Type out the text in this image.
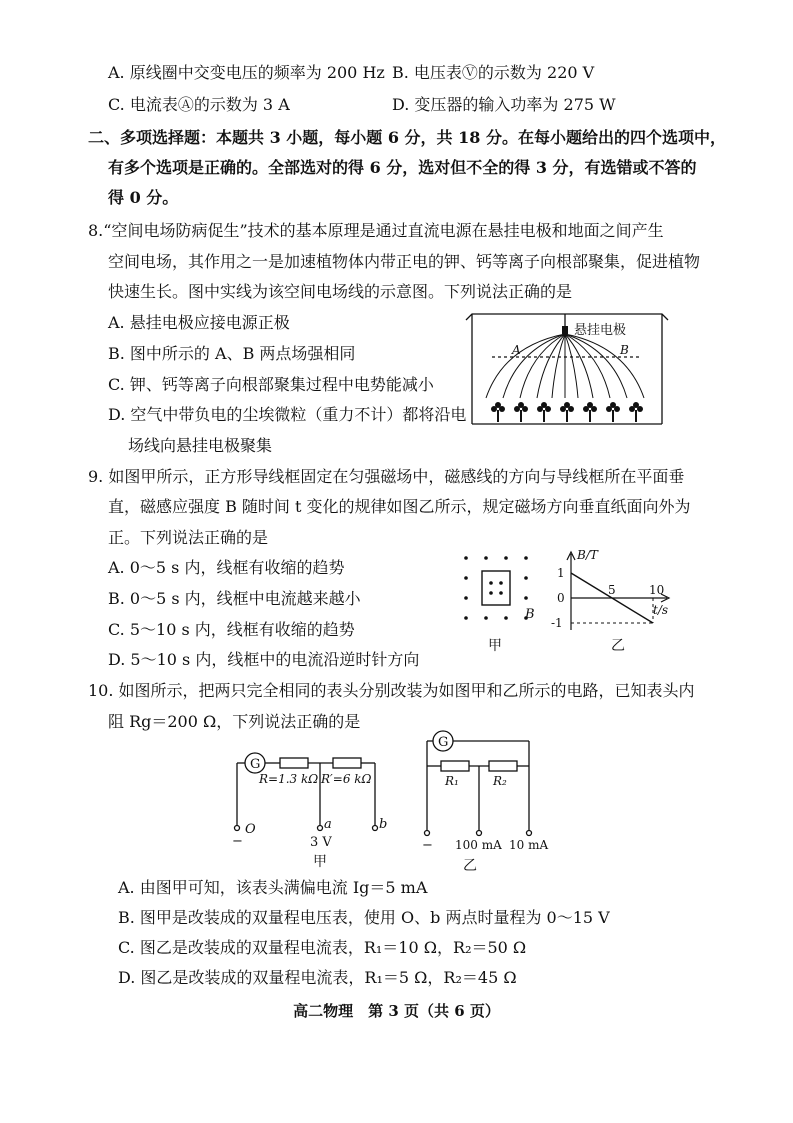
A. 原线圈中交变电压的频率为 200 Hz B. 电压表Ⓥ的示数为 220 V
C. 电流表Ⓐ的示数为 3 A	D. 变压器的输入功率为 275 W
二、多项选择题：本题共 3 小题，每小题 6 分，共 18 分。在每小题给出的四个选项中，
有多个选项是正确的。全部选对的得 6 分，选对但不全的得 3 分，有选错或不答的
得 0 分。
8.“空间电场防病促生”技术的基本原理是通过直流电源在悬挂电极和地面之间产生
空间电场，其作用之一是加速植物体内带正电的钾、钙等离子向根部聚集，促进植物
快速生长。图中实线为该空间电场线的示意图。下列说法正确的是
A. 悬挂电极应接电源正极
B. 图中所示的 A、B 两点场强相同
C. 钾、钙等离子向根部聚集过程中电势能减小
D. 空气中带负电的尘埃微粒（重力不计）都将沿电
场线向悬挂电极聚集
悬挂电极
A	B
9. 如图甲所示，正方形导线框固定在匀强磁场中，磁感线的方向与导线框所在平面垂
直，磁感应强度 B 随时间 t 变化的规律如图乙所示，规定磁场方向垂直纸面向外为
正。下列说法正确的是
A. 0～5 s 内，线框有收缩的趋势
B. 0～5 s 内，线框中电流越来越小
C. 5～10 s 内，线框有收缩的趋势
D. 5～10 s 内，线框中的电流沿逆时针方向
B
甲
B/T
t/s
1
0
-1
5	10
乙
10. 如图所示，把两只完全相同的表头分别改装为如图甲和乙所示的电路，已知表头内
阻 Rg＝200 Ω，下列说法正确的是
G
R=1.3 kΩ R′=6 kΩ
O	a	b
−	3 V
甲
G
R₁	R₂
− 100 mA 10 mA
乙
A. 由图甲可知，该表头满偏电流 Ig＝5 mA
B. 图甲是改装成的双量程电压表，使用 O、b 两点时量程为 0～15 V
C. 图乙是改装成的双量程电流表，R₁＝10 Ω，R₂＝50 Ω
D. 图乙是改装成的双量程电流表，R₁＝5 Ω，R₂＝45 Ω
高二物理　第 3 页（共 6 页）
